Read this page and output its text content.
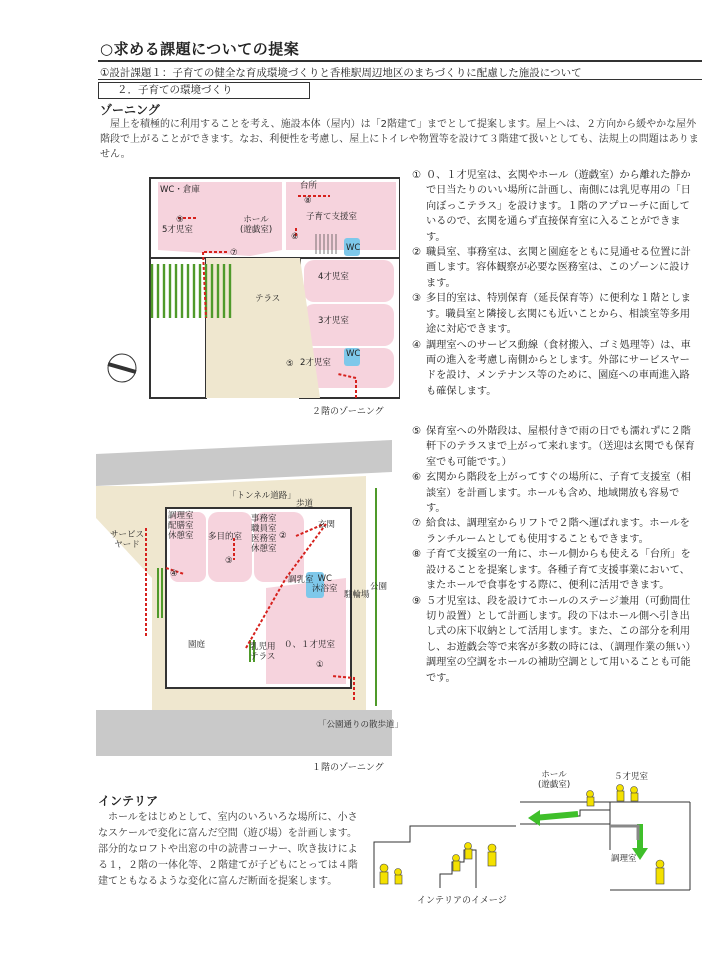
○求める課題についての提案
①設計課題１：子育ての健全な育成環境づくりと香椎駅周辺地区のまちづくりに配慮した施設について
２．子育ての環境づくり
ゾーニング
屋上を積極的に利用することを考え、施設本体（屋内）は「2階建て」までとして提案します。屋上へは、２方向から緩やかな屋外階段で上がることができます。なお、利便性を考慮し、屋上にトイレや物置等を設けて３階建て扱いとしても、法規上の問題はありません。
WC・倉庫	台所
ホール
(遊戯室)
5才児室
子育て支援室
WC
4才児室
3才児室
2才児室
WC
テラス
⑧
⑨
⑥
⑦
⑤
２階のゾーニング
「トンネル道路」
歩道
調理室
配膳室
休憩室 多目的室
事務室
職員室
医務室
休憩室
玄関
サービス
ヤード
調乳室 WC
沐浴室	公園
駐輪場
園庭	乳児用
テラス
０、１才児室
「公園通りの散歩道」
④
③
②
①
１階のゾーニング
① ０、１才児室は、玄関やホール（遊戯室）から離れた静かで日当たりのいい場所に計画し、南側には乳児専用の「日向ぼっこテラス」を設けます。１階のアプローチに面しているので、玄関を通らず直接保育室に入ることができます。
② 職員室、事務室は、玄関と園庭をともに見通せる位置に計画します。容体観察が必要な医務室は、このゾーンに設けます。
③ 多目的室は、特別保育（延長保育等）に便利な１階とします。職員室と隣接し玄関にも近いことから、相談室等多用途に対応できます。
④ 調理室へのサービス動線（食材搬入、ゴミ処理等）は、車両の進入を考慮し南側からとします。外部にサービスヤードを設け、メンテナンス等のために、園庭への車両進入路も確保します。
⑤ 保育室への外階段は、屋根付きで雨の日でも濡れずに２階軒下のテラスまで上がって来れます。（送迎は玄関でも保育室でも可能です。）
⑥ 玄関から階段を上がってすぐの場所に、子育て支援室（相談室）を計画します。ホールも含め、地域開放も容易です。
⑦ 給食は、調理室からリフトで２階へ運ばれます。ホールをランチルームとしても使用することもできます。
⑧ 子育て支援室の一角に、ホール側からも使える「台所」を設けることを提案します。各種子育て支援事業において、またホールで食事をする際に、便利に活用できます。
⑨ ５才児室は、段を設けてホールのステージ兼用（可動間仕切り設置）として計画します。段の下はホール側へ引き出し式の床下収納として活用します。また、この部分を利用し、お遊戯会等で来客が多数の時には、（調理作業の無い）調理室の空調をホールの補助空調として用いることも可能です。
インテリア
ホールをはじめとして、室内のいろいろな場所に、小さなスケールで変化に富んだ空間（遊び場）を計画します。部分的なロフトや出窓の中の読書コーナー、吹き抜けによる１，２階の一体化等、２階建てが子どもにとっては４階建てともなるような変化に富んだ断面を提案します。
インテリアのイメージ
ホール
(遊戯室)
５才児室
調理室
